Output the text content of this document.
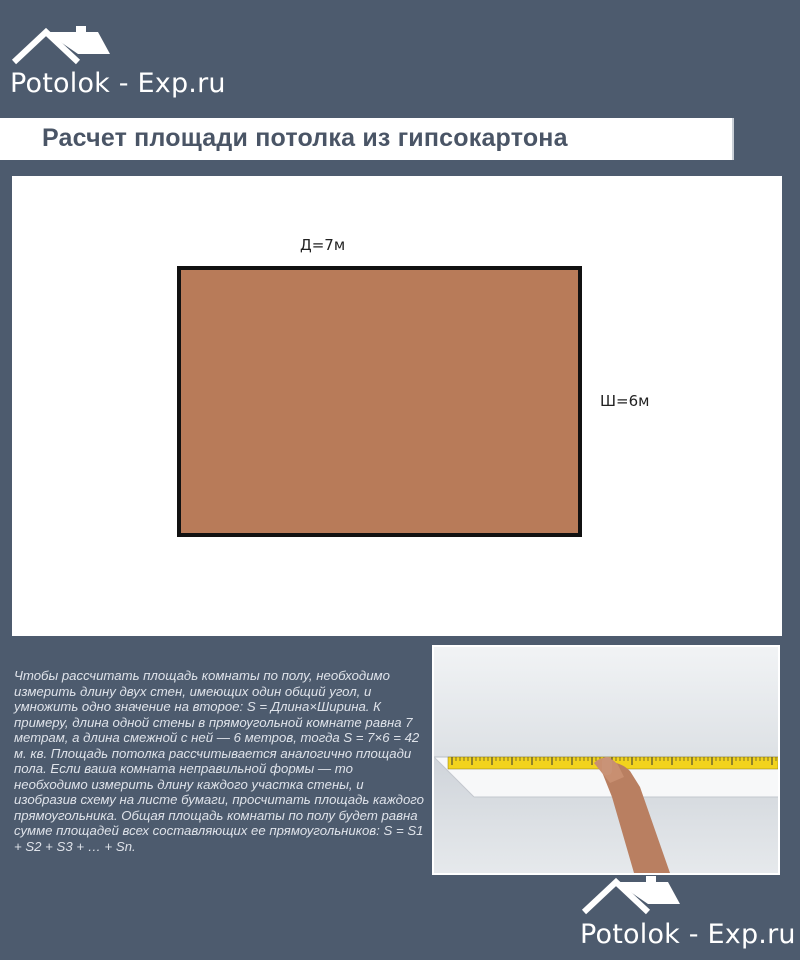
Potolok - Exp.ru
Расчет площади потолка из гипсокартона
Д=7м
Ш=6м

Чтобы рассчитать площадь комнаты по полу, необходимо измерить длину двух стен, имеющих один общий угол, и умножить одно значение на второе: S = Длина×Ширина. К примеру, длина одной стены в прямоугольной комнате равна 7 метрам, а длина смежной с ней — 6 метров, тогда S = 7×6 = 42 м. кв. Площадь потолка рассчитывается аналогично площади пола. Если ваша комната неправильной формы — то необходимо измерить длину каждого участка стены, и изобразив схему на листе бумаги, просчитать площадь каждого прямоугольника. Общая площадь комнаты по полу будет равна сумме площадей всех составляющих ее прямоугольников: S = S1 + S2 + S3 + … + Sn.

Potolok - Exp.ru
